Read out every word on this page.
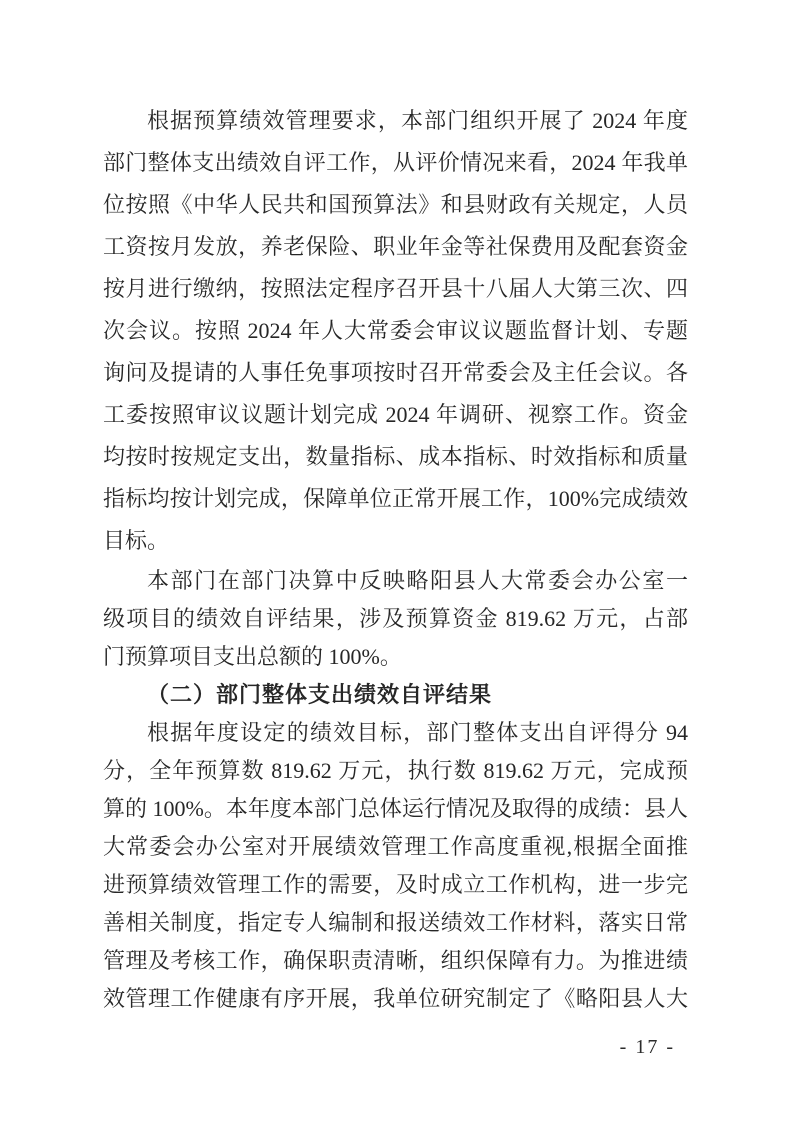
根据预算绩效管理要求，本部门组织开展了 2024 年度
部门整体支出绩效自评工作，从评价情况来看，2024 年我单
位按照《中华人民共和国预算法》和县财政有关规定，人员
工资按月发放，养老保险、职业年金等社保费用及配套资金
按月进行缴纳，按照法定程序召开县十八届人大第三次、四
次会议。按照 2024 年人大常委会审议议题监督计划、专题
询问及提请的人事任免事项按时召开常委会及主任会议。各
工委按照审议议题计划完成 2024 年调研、视察工作。资金
均按时按规定支出，数量指标、成本指标、时效指标和质量
指标均按计划完成，保障单位正常开展工作，100%完成绩效
目标。
本部门在部门决算中反映略阳县人大常委会办公室一
级项目的绩效自评结果，涉及预算资金 819.62 万元，占部
门预算项目支出总额的 100%。
（二）部门整体支出绩效自评结果
根据年度设定的绩效目标，部门整体支出自评得分 94
分，全年预算数 819.62 万元，执行数 819.62 万元，完成预
算的 100%。本年度本部门总体运行情况及取得的成绩：县人
大常委会办公室对开展绩效管理工作高度重视,根据全面推
进预算绩效管理工作的需要，及时成立工作机构，进一步完
善相关制度，指定专人编制和报送绩效工作材料，落实日常
管理及考核工作，确保职责清晰，组织保障有力。为推进绩
效管理工作健康有序开展，我单位研究制定了《略阳县人大
- 17 -
